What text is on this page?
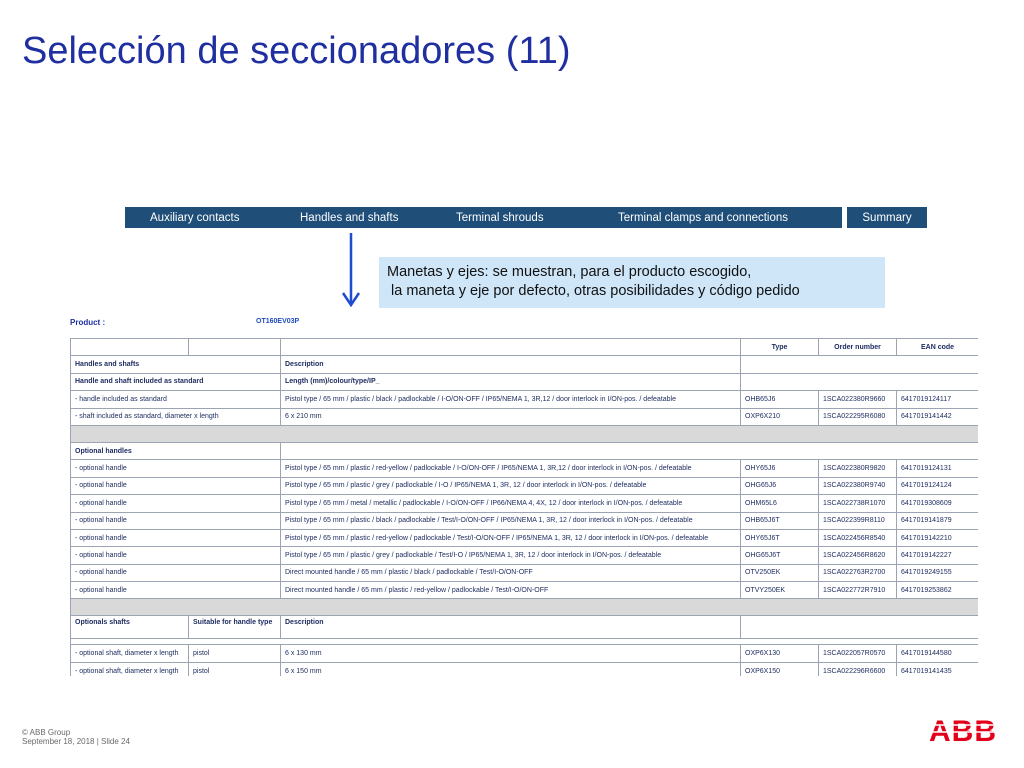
Selección de seccionadores (11)
Auxiliary contacts	Handles and shafts	Terminal shrouds	Terminal clamps and connections	Summary
Manetas y ejes: se muestran, para el producto escogido,
la maneta y eje por defecto, otras posibilidades y código pedido
Product :	OT160EV03P
			Type	Order number	EAN code
Handles and shafts		Description			
Handle and shaft included as standard		Length (mm)/colour/type/IP_			
- handle included as standard		Pistol type / 65 mm / plastic / black / padlockable / I-O/ON-OFF / IP65/NEMA 1, 3R,12 / door interlock in I/ON-pos. / defeatable	OHB65J6	1SCA022380R9660	6417019124117
- shaft included as standard, diameter x length		6 x 210 mm	OXP6X210	1SCA022295R6080	6417019141442

Optional handles					
- optional handle		Pistol type / 65 mm / plastic / red-yellow / padlockable / I-O/ON-OFF / IP65/NEMA 1, 3R,12 / door interlock in I/ON-pos. / defeatable	OHY65J6	1SCA022380R9820	6417019124131
- optional handle		Pistol type / 65 mm / plastic / grey / padlockable / I-O / IP65/NEMA 1, 3R, 12 / door interlock in I/ON-pos. / defeatable	OHG65J6	1SCA022380R9740	6417019124124
- optional handle		Pistol type / 65 mm / metal / metallic / padlockable / I-O/ON-OFF / IP66/NEMA 4, 4X, 12 / door interlock in I/ON-pos. / defeatable	OHM65L6	1SCA022738R1070	6417019308609
- optional handle		Pistol type / 65 mm / plastic / black / padlockable / Test/I-O/ON-OFF / IP65/NEMA 1, 3R, 12 / door interlock in I/ON-pos. / defeatable	OHB65J6T	1SCA022399R8110	6417019141879
- optional handle		Pistol type / 65 mm / plastic / red-yellow / padlockable / Test/I-O/ON-OFF / IP65/NEMA 1, 3R, 12 / door interlock in I/ON-pos. / defeatable	OHY65J6T	1SCA022456R8540	6417019142210
- optional handle		Pistol type / 65 mm / plastic / grey / padlockable / Test/I-O / IP65/NEMA 1, 3R, 12 / door interlock in I/ON-pos. / defeatable	OHG65J6T	1SCA022456R8620	6417019142227
- optional handle		Direct mounted handle / 65 mm / plastic / black / padlockable / Test/I-O/ON-OFF	OTV250EK	1SCA022763R2700	6417019249155
- optional handle		Direct mounted handle / 65 mm / plastic / red-yellow / padlockable / Test/I-O/ON-OFF	OTVY250EK	1SCA022772R7910	6417019253862

Optionals shafts	Suitable for handle type	Description			

- optional shaft, diameter x length	pistol	6 x 130 mm	OXP6X130	1SCA022057R0570	6417019144580
- optional shaft, diameter x length	pistol	6 x 150 mm	OXP6X150	1SCA022296R6600	6417019141435
© ABB Group
September 18, 2018 | Slide 24	ABB
